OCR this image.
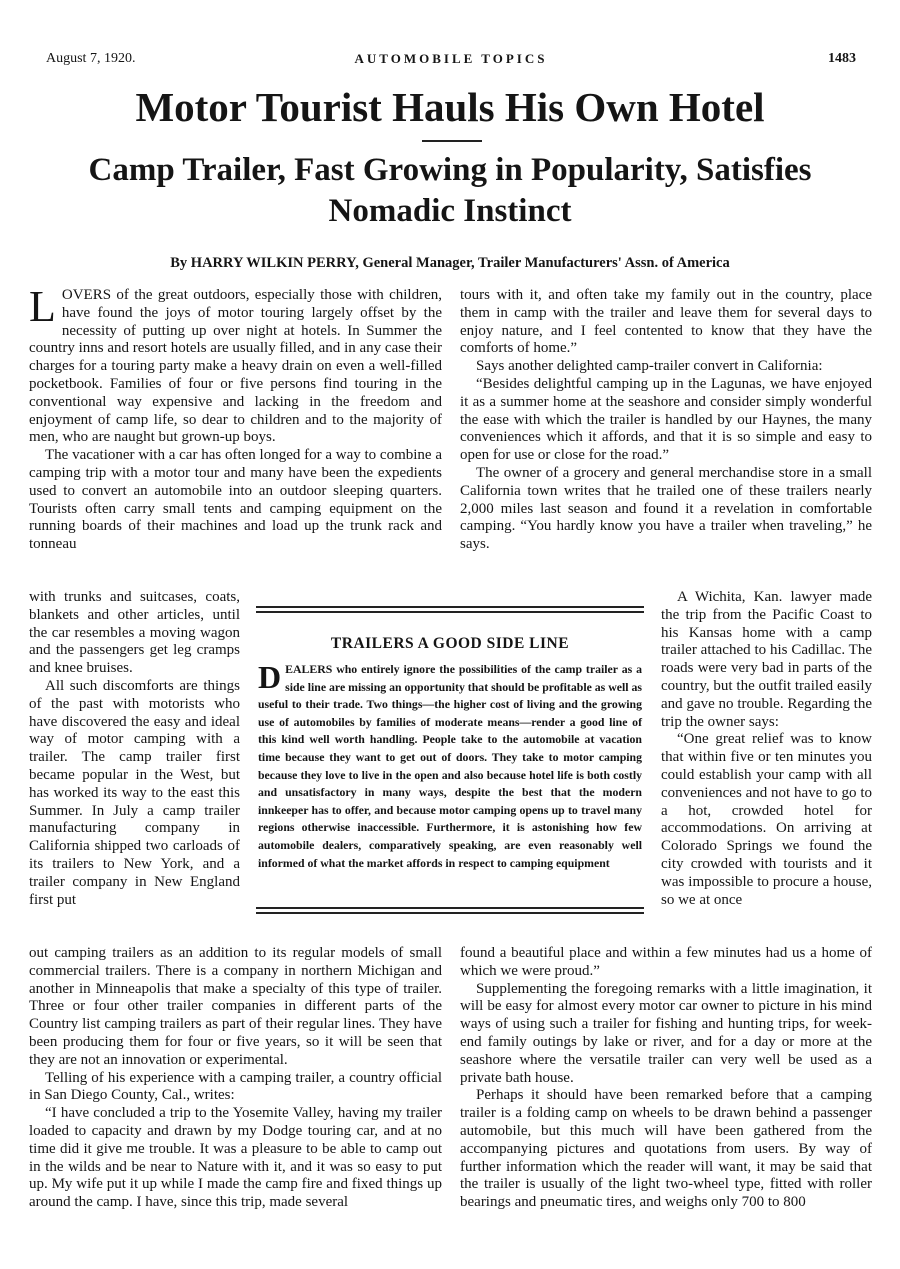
August 7, 1920.	AUTOMOBILE TOPICS	1483
Motor Tourist Hauls His Own Hotel
Camp Trailer, Fast Growing in Popularity, Satisfies Nomadic Instinct
By HARRY WILKIN PERRY, General Manager, Trailer Manufacturers' Assn. of America

LOVERS of the great outdoors, especially those with children, have found the joys of motor touring largely offset by the necessity of putting up over night at hotels. In Summer the country inns and resort hotels are usually filled, and in any case their charges for a touring party make a heavy drain on even a well-filled pocketbook. Families of four or five persons find touring in the conventional way expensive and lacking in the freedom and enjoyment of camp life, so dear to children and to the majority of men, who are naught but grown-up boys.

The vacationer with a car has often longed for a way to combine a camping trip with a motor tour and many have been the expedients used to convert an automobile into an outdoor sleeping quarters. Tourists often carry small tents and camping equipment on the running boards of their machines and load up the trunk rack and tonneau

with trunks and suitcases, coats, blankets and other articles, until the car resembles a moving wagon and the passengers get leg cramps and knee bruises.

All such discomforts are things of the past with motorists who have discovered the easy and ideal way of motor camping with a trailer. The camp trailer first became popular in the West, but has worked its way to the east this Summer. In July a camp trailer manufacturing company in California shipped two carloads of its trailers to New York, and a trailer company in New England first put

out camping trailers as an addition to its regular models of small commercial trailers. There is a company in northern Michigan and another in Minneapolis that make a specialty of this type of trailer. Three or four other trailer companies in different parts of the Country list camping trailers as part of their regular lines. They have been producing them for four or five years, so it will be seen that they are not an innovation or experimental.

Telling of his experience with a camping trailer, a country official in San Diego County, Cal., writes:

“I have concluded a trip to the Yosemite Valley, having my trailer loaded to capacity and drawn by my Dodge touring car, and at no time did it give me trouble. It was a pleasure to be able to camp out in the wilds and be near to Nature with it, and it was so easy to put up. My wife put it up while I made the camp fire and fixed things up around the camp. I have, since this trip, made several

tours with it, and often take my family out in the country, place them in camp with the trailer and leave them for several days to enjoy nature, and I feel contented to know that they have the comforts of home.”

Says another delighted camp-trailer convert in California:

“Besides delightful camping up in the Lagunas, we have enjoyed it as a summer home at the seashore and consider simply wonderful the ease with which the trailer is handled by our Haynes, the many conveniences which it affords, and that it is so simple and easy to open for use or close for the road.”

The owner of a grocery and general merchandise store in a small California town writes that he trailed one of these trailers nearly 2,000 miles last season and found it a revelation in comfortable camping. “You hardly know you have a trailer when traveling,” he says.

A Wichita, Kan. lawyer made the trip from the Pacific Coast to his Kansas home with a camp trailer attached to his Cadillac. The roads were very bad in parts of the country, but the outfit trailed easily and gave no trouble. Regarding the trip the owner says:

“One great relief was to know that within five or ten minutes you could establish your camp with all conveniences and not have to go to a hot, crowded hotel for accommodations. On arriving at Colorado Springs we found the city crowded with tourists and it was impossible to procure a house, so we at once

found a beautiful place and within a few minutes had us a home of which we were proud.”

Supplementing the foregoing remarks with a little imagination, it will be easy for almost every motor car owner to picture in his mind ways of using such a trailer for fishing and hunting trips, for week-end family outings by lake or river, and for a day or more at the seashore where the versatile trailer can very well be used as a private bath house.

Perhaps it should have been remarked before that a camping trailer is a folding camp on wheels to be drawn behind a passenger automobile, but this much will have been gathered from the accompanying pictures and quotations from users. By way of further information which the reader will want, it may be said that the trailer is usually of the light two-wheel type, fitted with roller bearings and pneumatic tires, and weighs only 700 to 800

TRAILERS A GOOD SIDE LINE
DEALERS who entirely ignore the possibilities of the camp trailer as a side line are missing an opportunity that should be profitable as well as useful to their trade. Two things—the higher cost of living and the growing use of automobiles by families of moderate means—render a good line of this kind well worth handling. People take to the automobile at vacation time because they want to get out of doors. They take to motor camping because they love to live in the open and also because hotel life is both costly and unsatisfactory in many ways, despite the best that the modern innkeeper has to offer, and because motor camping opens up to travel many regions otherwise inaccessible. Furthermore, it is astonishing how few automobile dealers, comparatively speaking, are even reasonably well informed of what the market affords in respect to camping equipment
